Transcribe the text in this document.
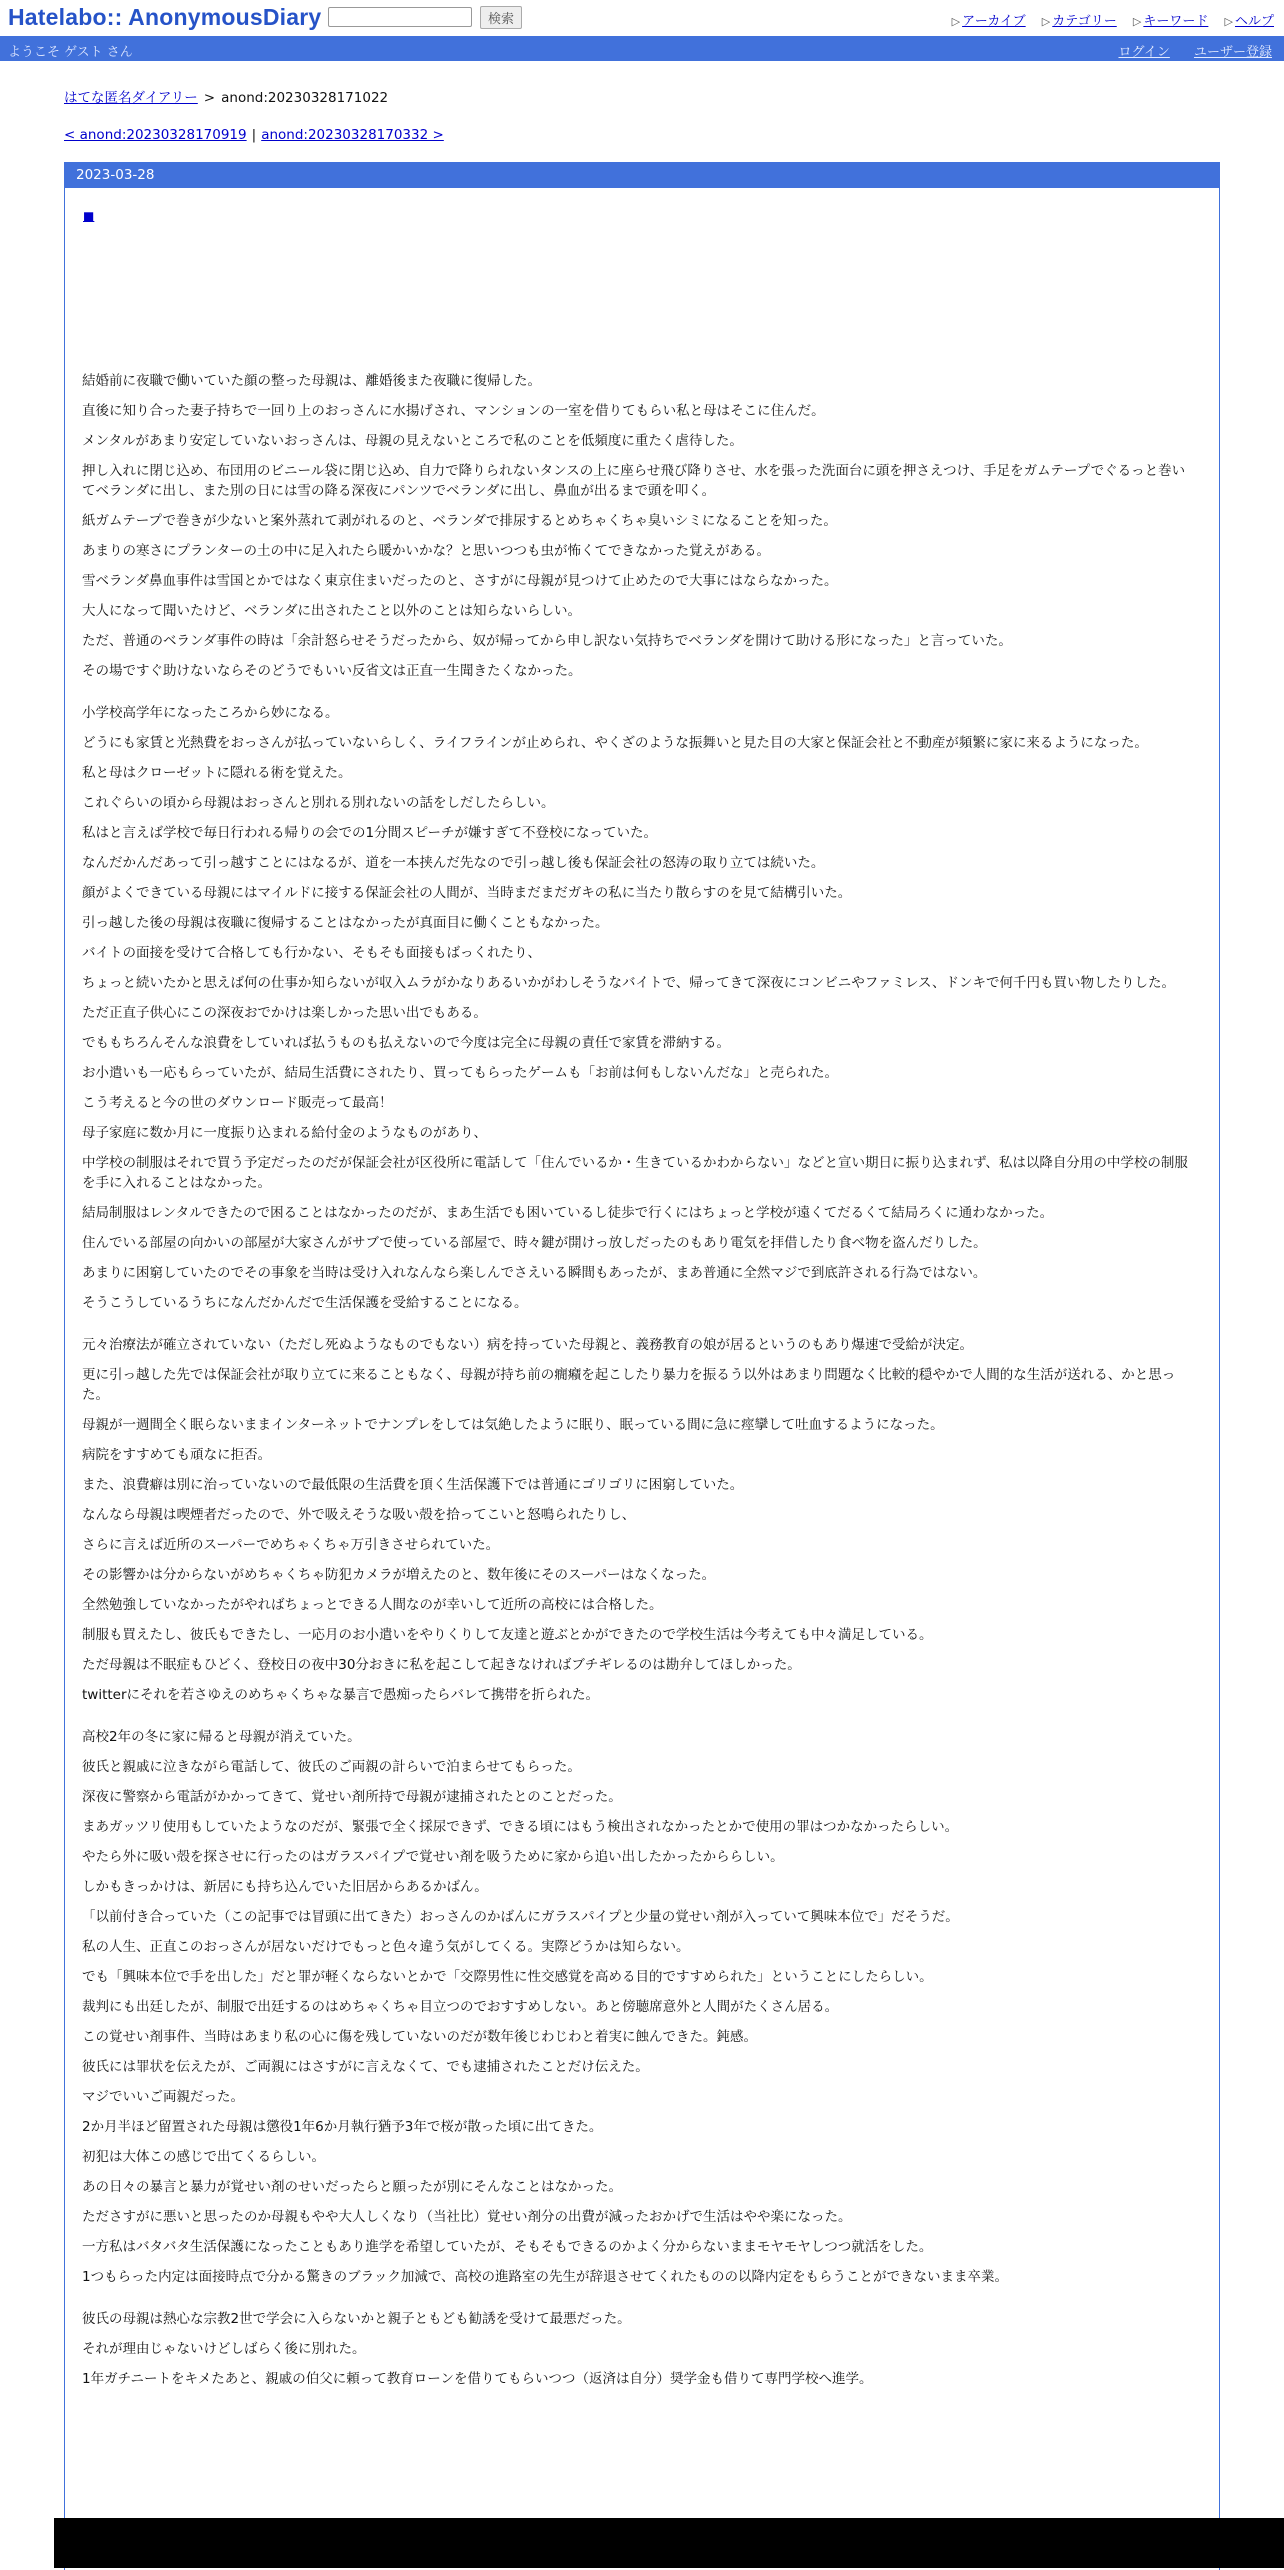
Hatelabo:: AnonymousDiary	検索	▷ アーカイブ ▷ カテゴリー ▷ キーワード ▷ ヘルプ
ようこそ ゲスト さん	ログイン ユーザー登録
はてな匿名ダイアリー > anond:20230328171022
< anond:20230328170919 | anond:20230328170332 >
2023-03-28
■

結婚前に夜職で働いていた顔の整った母親は、離婚後また夜職に復帰した。

直後に知り合った妻子持ちで一回り上のおっさんに水揚げされ、マンションの一室を借りてもらい私と母はそこに住んだ。

メンタルがあまり安定していないおっさんは、母親の見えないところで私のことを低頻度に重たく虐待した。

押し入れに閉じ込め、布団用のビニール袋に閉じ込め、自力で降りられないタンスの上に座らせ飛び降りさせ、水を張った洗面台に頭を押さえつけ、手足をガムテープでぐるっと巻いてベランダに出し、また別の日には雪の降る深夜にパンツでベランダに出し、鼻血が出るまで頭を叩く。

紙ガムテープで巻きが少ないと案外蒸れて剥がれるのと、ベランダで排尿するとめちゃくちゃ臭いシミになることを知った。

あまりの寒さにプランターの土の中に足入れたら暖かいかな？と思いつつも虫が怖くてできなかった覚えがある。

雪ベランダ鼻血事件は雪国とかではなく東京住まいだったのと、さすがに母親が見つけて止めたので大事にはならなかった。

大人になって聞いたけど、ベランダに出されたこと以外のことは知らないらしい。

ただ、普通のベランダ事件の時は「余計怒らせそうだったから、奴が帰ってから申し訳ない気持ちでベランダを開けて助ける形になった」と言っていた。

その場ですぐ助けないならそのどうでもいい反省文は正直一生聞きたくなかった。

小学校高学年になったころから妙になる。

どうにも家賃と光熱費をおっさんが払っていないらしく、ライフラインが止められ、やくざのような振舞いと見た目の大家と保証会社と不動産が頻繁に家に来るようになった。

私と母はクローゼットに隠れる術を覚えた。

これぐらいの頃から母親はおっさんと別れる別れないの話をしだしたらしい。

私はと言えば学校で毎日行われる帰りの会での1分間スピーチが嫌すぎて不登校になっていた。

なんだかんだあって引っ越すことにはなるが、道を一本挟んだ先なので引っ越し後も保証会社の怒涛の取り立ては続いた。

顔がよくできている母親にはマイルドに接する保証会社の人間が、当時まだまだガキの私に当たり散らすのを見て結構引いた。

引っ越した後の母親は夜職に復帰することはなかったが真面目に働くこともなかった。

バイトの面接を受けて合格しても行かない、そもそも面接もばっくれたり、

ちょっと続いたかと思えば何の仕事か知らないが収入ムラがかなりあるいかがわしそうなバイトで、帰ってきて深夜にコンビニやファミレス、ドンキで何千円も買い物したりした。

ただ正直子供心にこの深夜おでかけは楽しかった思い出でもある。

でももちろんそんな浪費をしていれば払うものも払えないので今度は完全に母親の責任で家賃を滞納する。

お小遣いも一応もらっていたが、結局生活費にされたり、買ってもらったゲームも「お前は何もしないんだな」と売られた。

こう考えると今の世のダウンロード販売って最高！

母子家庭に数か月に一度振り込まれる給付金のようなものがあり、

中学校の制服はそれで買う予定だったのだが保証会社が区役所に電話して「住んでいるか・生きているかわからない」などと宣い期日に振り込まれず、私は以降自分用の中学校の制服を手に入れることはなかった。

結局制服はレンタルできたので困ることはなかったのだが、まあ生活でも困いているし徒歩で行くにはちょっと学校が遠くてだるくて結局ろくに通わなかった。

住んでいる部屋の向かいの部屋が大家さんがサブで使っている部屋で、時々鍵が開けっ放しだったのもあり電気を拝借したり食べ物を盗んだりした。

あまりに困窮していたのでその事象を当時は受け入れなんなら楽しんでさえいる瞬間もあったが、まあ普通に全然マジで到底許される行為ではない。

そうこうしているうちになんだかんだで生活保護を受給することになる。

元々治療法が確立されていない（ただし死ぬようなものでもない）病を持っていた母親と、義務教育の娘が居るというのもあり爆速で受給が決定。

更に引っ越した先では保証会社が取り立てに来ることもなく、母親が持ち前の癇癪を起こしたり暴力を振るう以外はあまり問題なく比較的穏やかで人間的な生活が送れる、かと思った。

母親が一週間全く眠らないままインターネットでナンプレをしては気絶したように眠り、眠っている間に急に痙攣して吐血するようになった。

病院をすすめても頑なに拒否。

また、浪費癖は別に治っていないので最低限の生活費を頂く生活保護下では普通にゴリゴリに困窮していた。

なんなら母親は喫煙者だったので、外で吸えそうな吸い殻を拾ってこいと怒鳴られたりし、

さらに言えば近所のスーパーでめちゃくちゃ万引きさせられていた。

その影響かは分からないがめちゃくちゃ防犯カメラが増えたのと、数年後にそのスーパーはなくなった。

全然勉強していなかったがやればちょっとできる人間なのが幸いして近所の高校には合格した。

制服も買えたし、彼氏もできたし、一応月のお小遣いをやりくりして友達と遊ぶとかができたので学校生活は今考えても中々満足している。

ただ母親は不眠症もひどく、登校日の夜中30分おきに私を起こして起きなければブチギレるのは勘弁してほしかった。

twitterにそれを若さゆえのめちゃくちゃな暴言で愚痴ったらバレて携帯を折られた。

高校2年の冬に家に帰ると母親が消えていた。

彼氏と親戚に泣きながら電話して、彼氏のご両親の計らいで泊まらせてもらった。

深夜に警察から電話がかかってきて、覚せい剤所持で母親が逮捕されたとのことだった。

まあガッツリ使用もしていたようなのだが、緊張で全く採尿できず、できる頃にはもう検出されなかったとかで使用の罪はつかなかったらしい。

やたら外に吸い殻を探させに行ったのはガラスパイプで覚せい剤を吸うために家から追い出したかったかららしい。

しかもきっかけは、新居にも持ち込んでいた旧居からあるかばん。

「以前付き合っていた（この記事では冒頭に出てきた）おっさんのかばんにガラスパイプと少量の覚せい剤が入っていて興味本位で」だそうだ。

私の人生、正直このおっさんが居ないだけでもっと色々違う気がしてくる。実際どうかは知らない。

でも「興味本位で手を出した」だと罪が軽くならないとかで「交際男性に性交感覚を高める目的ですすめられた」ということにしたらしい。

裁判にも出廷したが、制服で出廷するのはめちゃくちゃ目立つのでおすすめしない。あと傍聴席意外と人間がたくさん居る。

この覚せい剤事件、当時はあまり私の心に傷を残していないのだが数年後じわじわと着実に蝕んできた。鈍感。

彼氏には罪状を伝えたが、ご両親にはさすがに言えなくて、でも逮捕されたことだけ伝えた。

マジでいいご両親だった。

2か月半ほど留置された母親は懲役1年6か月執行猶予3年で桜が散った頃に出てきた。

初犯は大体この感じで出てくるらしい。

あの日々の暴言と暴力が覚せい剤のせいだったらと願ったが別にそんなことはなかった。

たださすがに悪いと思ったのか母親もやや大人しくなり（当社比）覚せい剤分の出費が減ったおかげで生活はやや楽になった。

一方私はバタバタ生活保護になったこともあり進学を希望していたが、そもそもできるのかよく分からないままモヤモヤしつつ就活をした。

1つもらった内定は面接時点で分かる驚きのブラック加減で、高校の進路室の先生が辞退させてくれたものの以降内定をもらうことができないまま卒業。

彼氏の母親は熱心な宗教2世で学会に入らないかと親子ともども勧誘を受けて最悪だった。

それが理由じゃないけどしばらく後に別れた。

1年ガチニートをキメたあと、親戚の伯父に頼って教育ローンを借りてもらいつつ（返済は自分）奨学金も借りて専門学校へ進学。
